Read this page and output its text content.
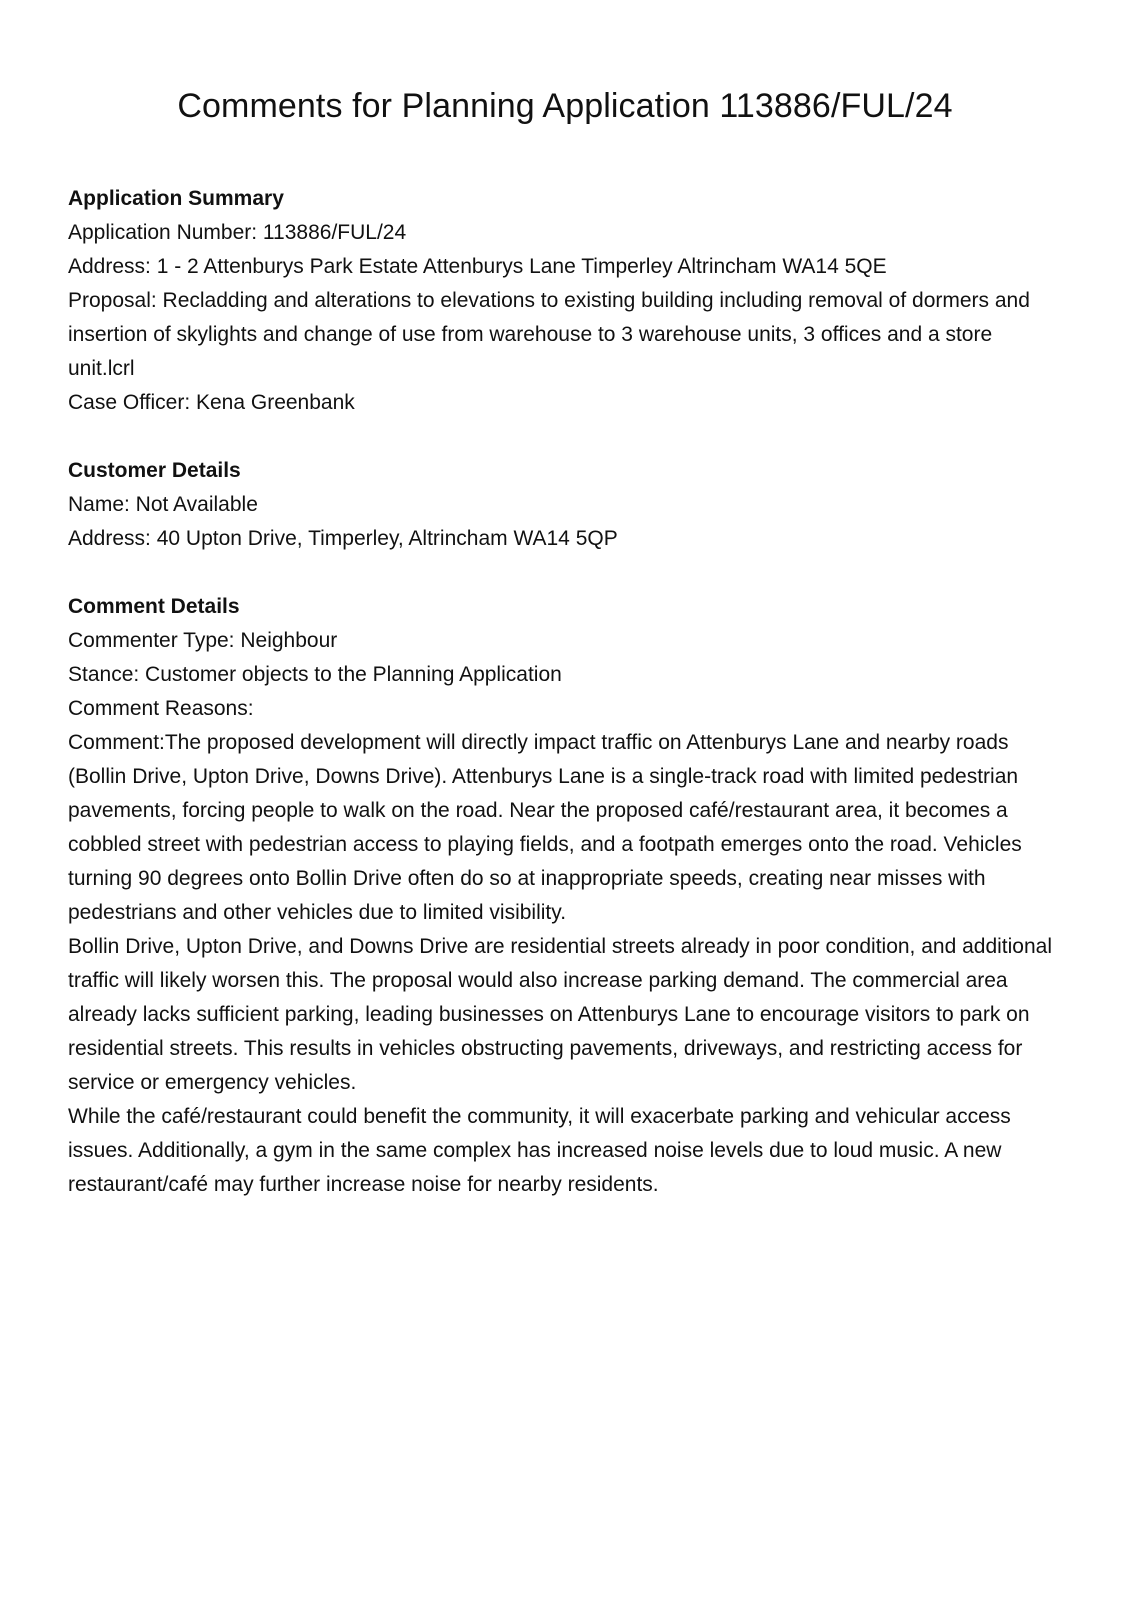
Comments for Planning Application 113886/FUL/24

Application Summary

Application Number: 113886/FUL/24

Address: 1 - 2 Attenburys Park Estate Attenburys Lane Timperley Altrincham WA14 5QE

Proposal: Recladding and alterations to elevations to existing building including removal of dormers and insertion of skylights and change of use from warehouse to 3 warehouse units, 3 offices and a store unit.lcrl

Case Officer: Kena Greenbank

Customer Details

Name: Not Available

Address: 40 Upton Drive, Timperley, Altrincham WA14 5QP

Comment Details

Commenter Type: Neighbour

Stance: Customer objects to the Planning Application

Comment Reasons:

Comment:The proposed development will directly impact traffic on Attenburys Lane and nearby roads (Bollin Drive, Upton Drive, Downs Drive). Attenburys Lane is a single-track road with limited pedestrian pavements, forcing people to walk on the road. Near the proposed café/restaurant area, it becomes a cobbled street with pedestrian access to playing fields, and a footpath emerges onto the road. Vehicles turning 90 degrees onto Bollin Drive often do so at inappropriate speeds, creating near misses with pedestrians and other vehicles due to limited visibility.

Bollin Drive, Upton Drive, and Downs Drive are residential streets already in poor condition, and additional traffic will likely worsen this. The proposal would also increase parking demand. The commercial area already lacks sufficient parking, leading businesses on Attenburys Lane to encourage visitors to park on residential streets. This results in vehicles obstructing pavements, driveways, and restricting access for service or emergency vehicles.

While the café/restaurant could benefit the community, it will exacerbate parking and vehicular access issues. Additionally, a gym in the same complex has increased noise levels due to loud music. A new restaurant/café may further increase noise for nearby residents.
